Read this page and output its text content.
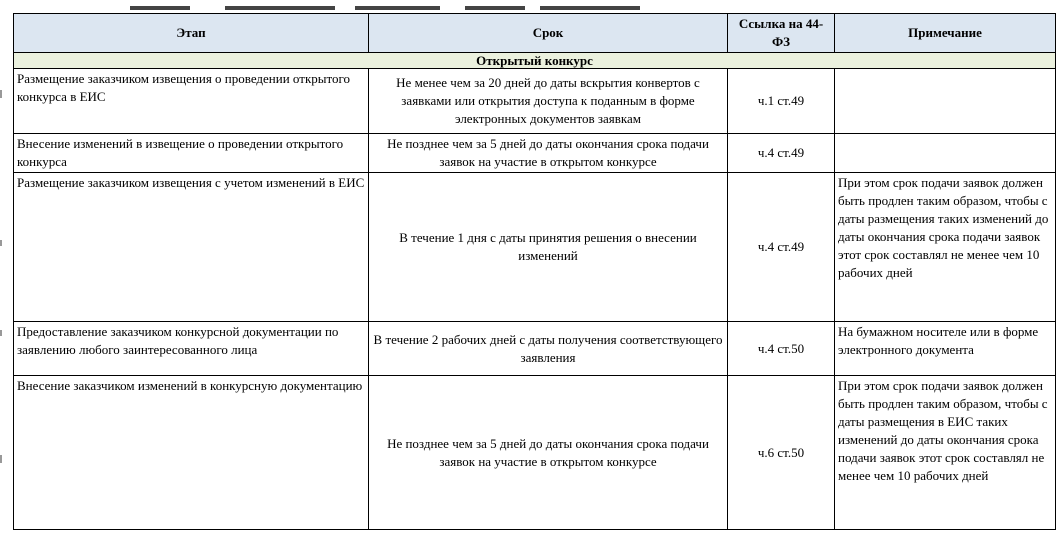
Этап	Срок	Ссылка на 44-ФЗ	Примечание
Открытый конкурс			
Размещение заказчиком извещения о проведении открытого конкурса в ЕИС	Не менее чем за 20 дней до даты вскрытия конвертов с заявками или открытия доступа к поданным в форме электронных документов заявкам	ч.1 ст.49	
Внесение изменений в извещение о проведении открытого конкурса	Не позднее чем за 5 дней до даты окончания срока подачи заявок на участие в открытом конкурсе	ч.4 ст.49	
Размещение заказчиком извещения с учетом изменений в ЕИС	В течение 1 дня с даты принятия решения о внесении изменений	ч.4 ст.49	При этом срок подачи заявок должен быть продлен таким образом, чтобы с даты размещения таких изменений до даты окончания срока подачи заявок этот срок составлял не менее чем 10 рабочих дней
Предоставление заказчиком конкурсной документации по заявлению любого заинтересованного лица	В течение 2 рабочих дней с даты получения соответствующего заявления	ч.4 ст.50	На бумажном носителе или в форме электронного документа
Внесение заказчиком изменений в конкурсную документацию	Не позднее чем за 5 дней до даты окончания срока подачи заявок на участие в открытом конкурсе	ч.6 ст.50	При этом срок подачи заявок должен быть продлен таким образом, чтобы с даты размещения в ЕИС таких изменений до даты окончания срока подачи заявок этот срок составлял не менее чем 10 рабочих дней
